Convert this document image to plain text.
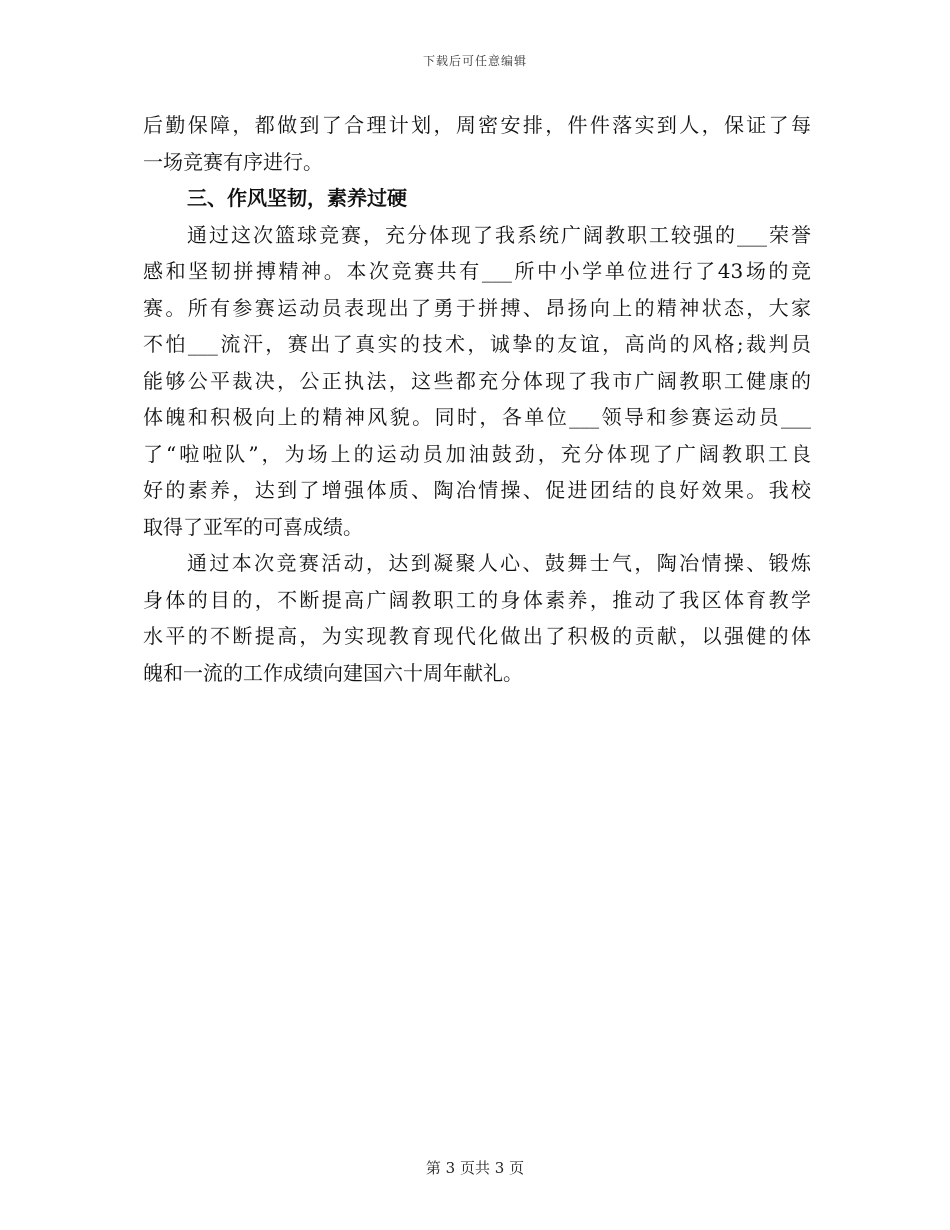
下载后可任意编辑
后勤保障，都做到了合理计划，周密安排，件件落实到人，保证了每
一场竞赛有序进行。
三、作风坚韧，素养过硬
通过这次篮球竞赛，充分体现了我系统广阔教职工较强的___荣誉
感和坚韧拼搏精神。本次竞赛共有___所中小学单位进行了43场的竞
赛。所有参赛运动员表现出了勇于拼搏、昂扬向上的精神状态，大家
不怕___流汗，赛出了真实的技术，诚挚的友谊，高尚的风格;裁判员
能够公平裁决，公正执法，这些都充分体现了我市广阔教职工健康的
体魄和积极向上的精神风貌。同时，各单位___领导和参赛运动员___
了“啦啦队”，为场上的运动员加油鼓劲，充分体现了广阔教职工良
好的素养，达到了增强体质、陶冶情操、促进团结的良好效果。我校
取得了亚军的可喜成绩。
通过本次竞赛活动，达到凝聚人心、鼓舞士气，陶冶情操、锻炼
身体的目的，不断提高广阔教职工的身体素养，推动了我区体育教学
水平的不断提高，为实现教育现代化做出了积极的贡献，以强健的体
魄和一流的工作成绩向建国六十周年献礼。
第 3 页共 3 页
